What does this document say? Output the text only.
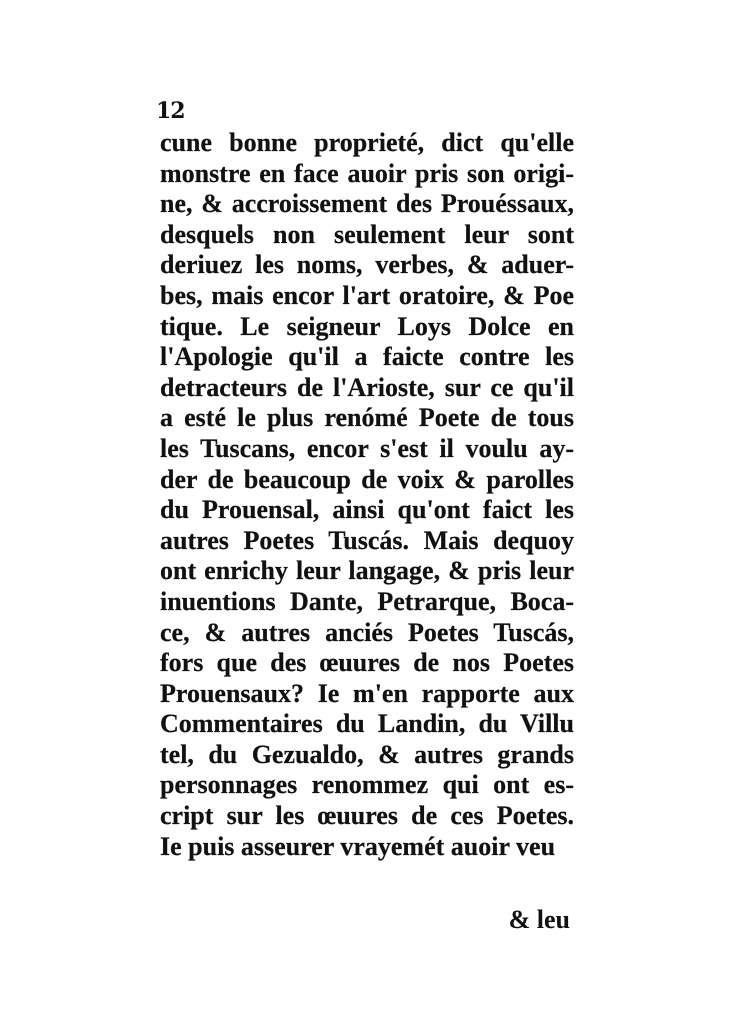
12
cune bonne proprieté, dict qu'elle
monstre en face auoir pris son origi-
ne, & accroissement des Prouéssaux,
desquels non seulement leur sont
deriuez les noms, verbes, & aduer-
bes, mais encor l'art oratoire, & Poe
tique. Le seigneur Loys Dolce en
l'Apologie qu'il a faicte contre les
detracteurs de l'Arioste, sur ce qu'il
a esté le plus renómé Poete de tous
les Tuscans, encor s'est il voulu ay-
der de beaucoup de voix & parolles
du Prouensal, ainsi qu'ont faict les
autres Poetes Tuscás. Mais dequoy
ont enrichy leur langage, & pris leur
inuentions Dante, Petrarque, Boca-
ce, & autres anciés Poetes Tuscás,
fors que des œuures de nos Poetes
Prouensaux? Ie m'en rapporte aux
Commentaires du Landin, du Villu
tel, du Gezualdo, & autres grands
personnages renommez qui ont es-
cript sur les œuures de ces Poetes.
Ie puis asseurer vrayemét auoir veu
& leu
